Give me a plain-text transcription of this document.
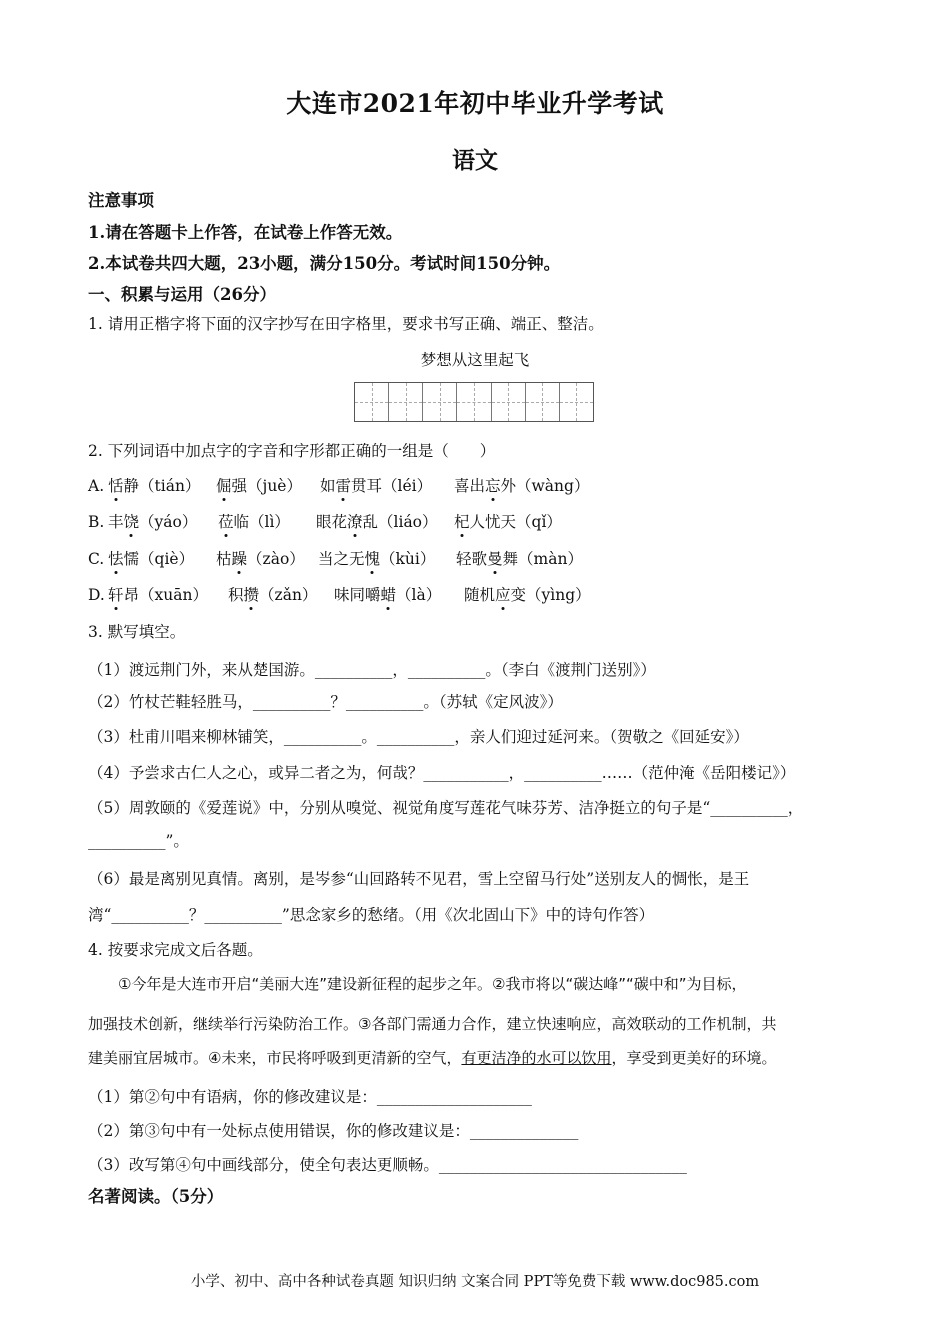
大连市2021年初中毕业升学考试
语文
注意事项
1.请在答题卡上作答，在试卷上作答无效。
2.本试卷共四大题，23小题，满分150分。考试时间150分钟。
一、积累与运用（26分）
1. 请用正楷字将下面的汉字抄写在田字格里，要求书写正确、端正、整洁。
梦想从这里起飞
2. 下列词语中加点字的字音和字形都正确的一组是（　　）
A. 恬静（tián） 倔强（juè） 如雷贯耳（léi） 喜出忘外（wàng）
B. 丰饶（yáo） 莅临（lì） 眼花潦乱（liáo） 杞人忧天（qǐ）
C. 怯懦（qiè） 枯躁（zào） 当之无愧（kùi） 轻歌曼舞（màn）
D. 轩昂（xuān） 积攒（zǎn） 味同嚼蜡（là） 随机应变（yìng）
3. 默写填空。
（1）渡远荆门外，来从楚国游。__________，__________。（李白《渡荆门送别》）
（2）竹杖芒鞋轻胜马，__________？__________。（苏轼《定风波》）
（3）杜甫川唱来柳林铺笑，__________。__________，亲人们迎过延河来。（贺敬之《回延安》）
（4）予尝求古仁人之心，或异二者之为，何哉？___________，__________……（范仲淹《岳阳楼记》）
（5）周敦颐的《爱莲说》中，分别从嗅觉、视觉角度写莲花气味芬芳、洁净挺立的句子是“__________，
__________”。
（6）最是离别见真情。离别，是岑参“山回路转不见君，雪上空留马行处”送别友人的惆怅，是王
湾“__________？__________”思念家乡的愁绪。（用《次北固山下》中的诗句作答）
4. 按要求完成文后各题。
①今年是大连市开启“美丽大连”建设新征程的起步之年。②我市将以“碳达峰”“碳中和”为目标，
加强技术创新，继续举行污染防治工作。③各部门需通力合作，建立快速响应，高效联动的工作机制，共
建美丽宜居城市。④未来，市民将呼吸到更清新的空气，有更洁净的水可以饮用，享受到更美好的环境。
（1）第②句中有语病，你的修改建议是：____________________
（2）第③句中有一处标点使用错误，你的修改建议是：______________
（3）改写第④句中画线部分，使全句表达更顺畅。________________________________
名著阅读。（5分）
小学、初中、高中各种试卷真题 知识归纳 文案合同 PPT等免费下载 www.doc985.com
